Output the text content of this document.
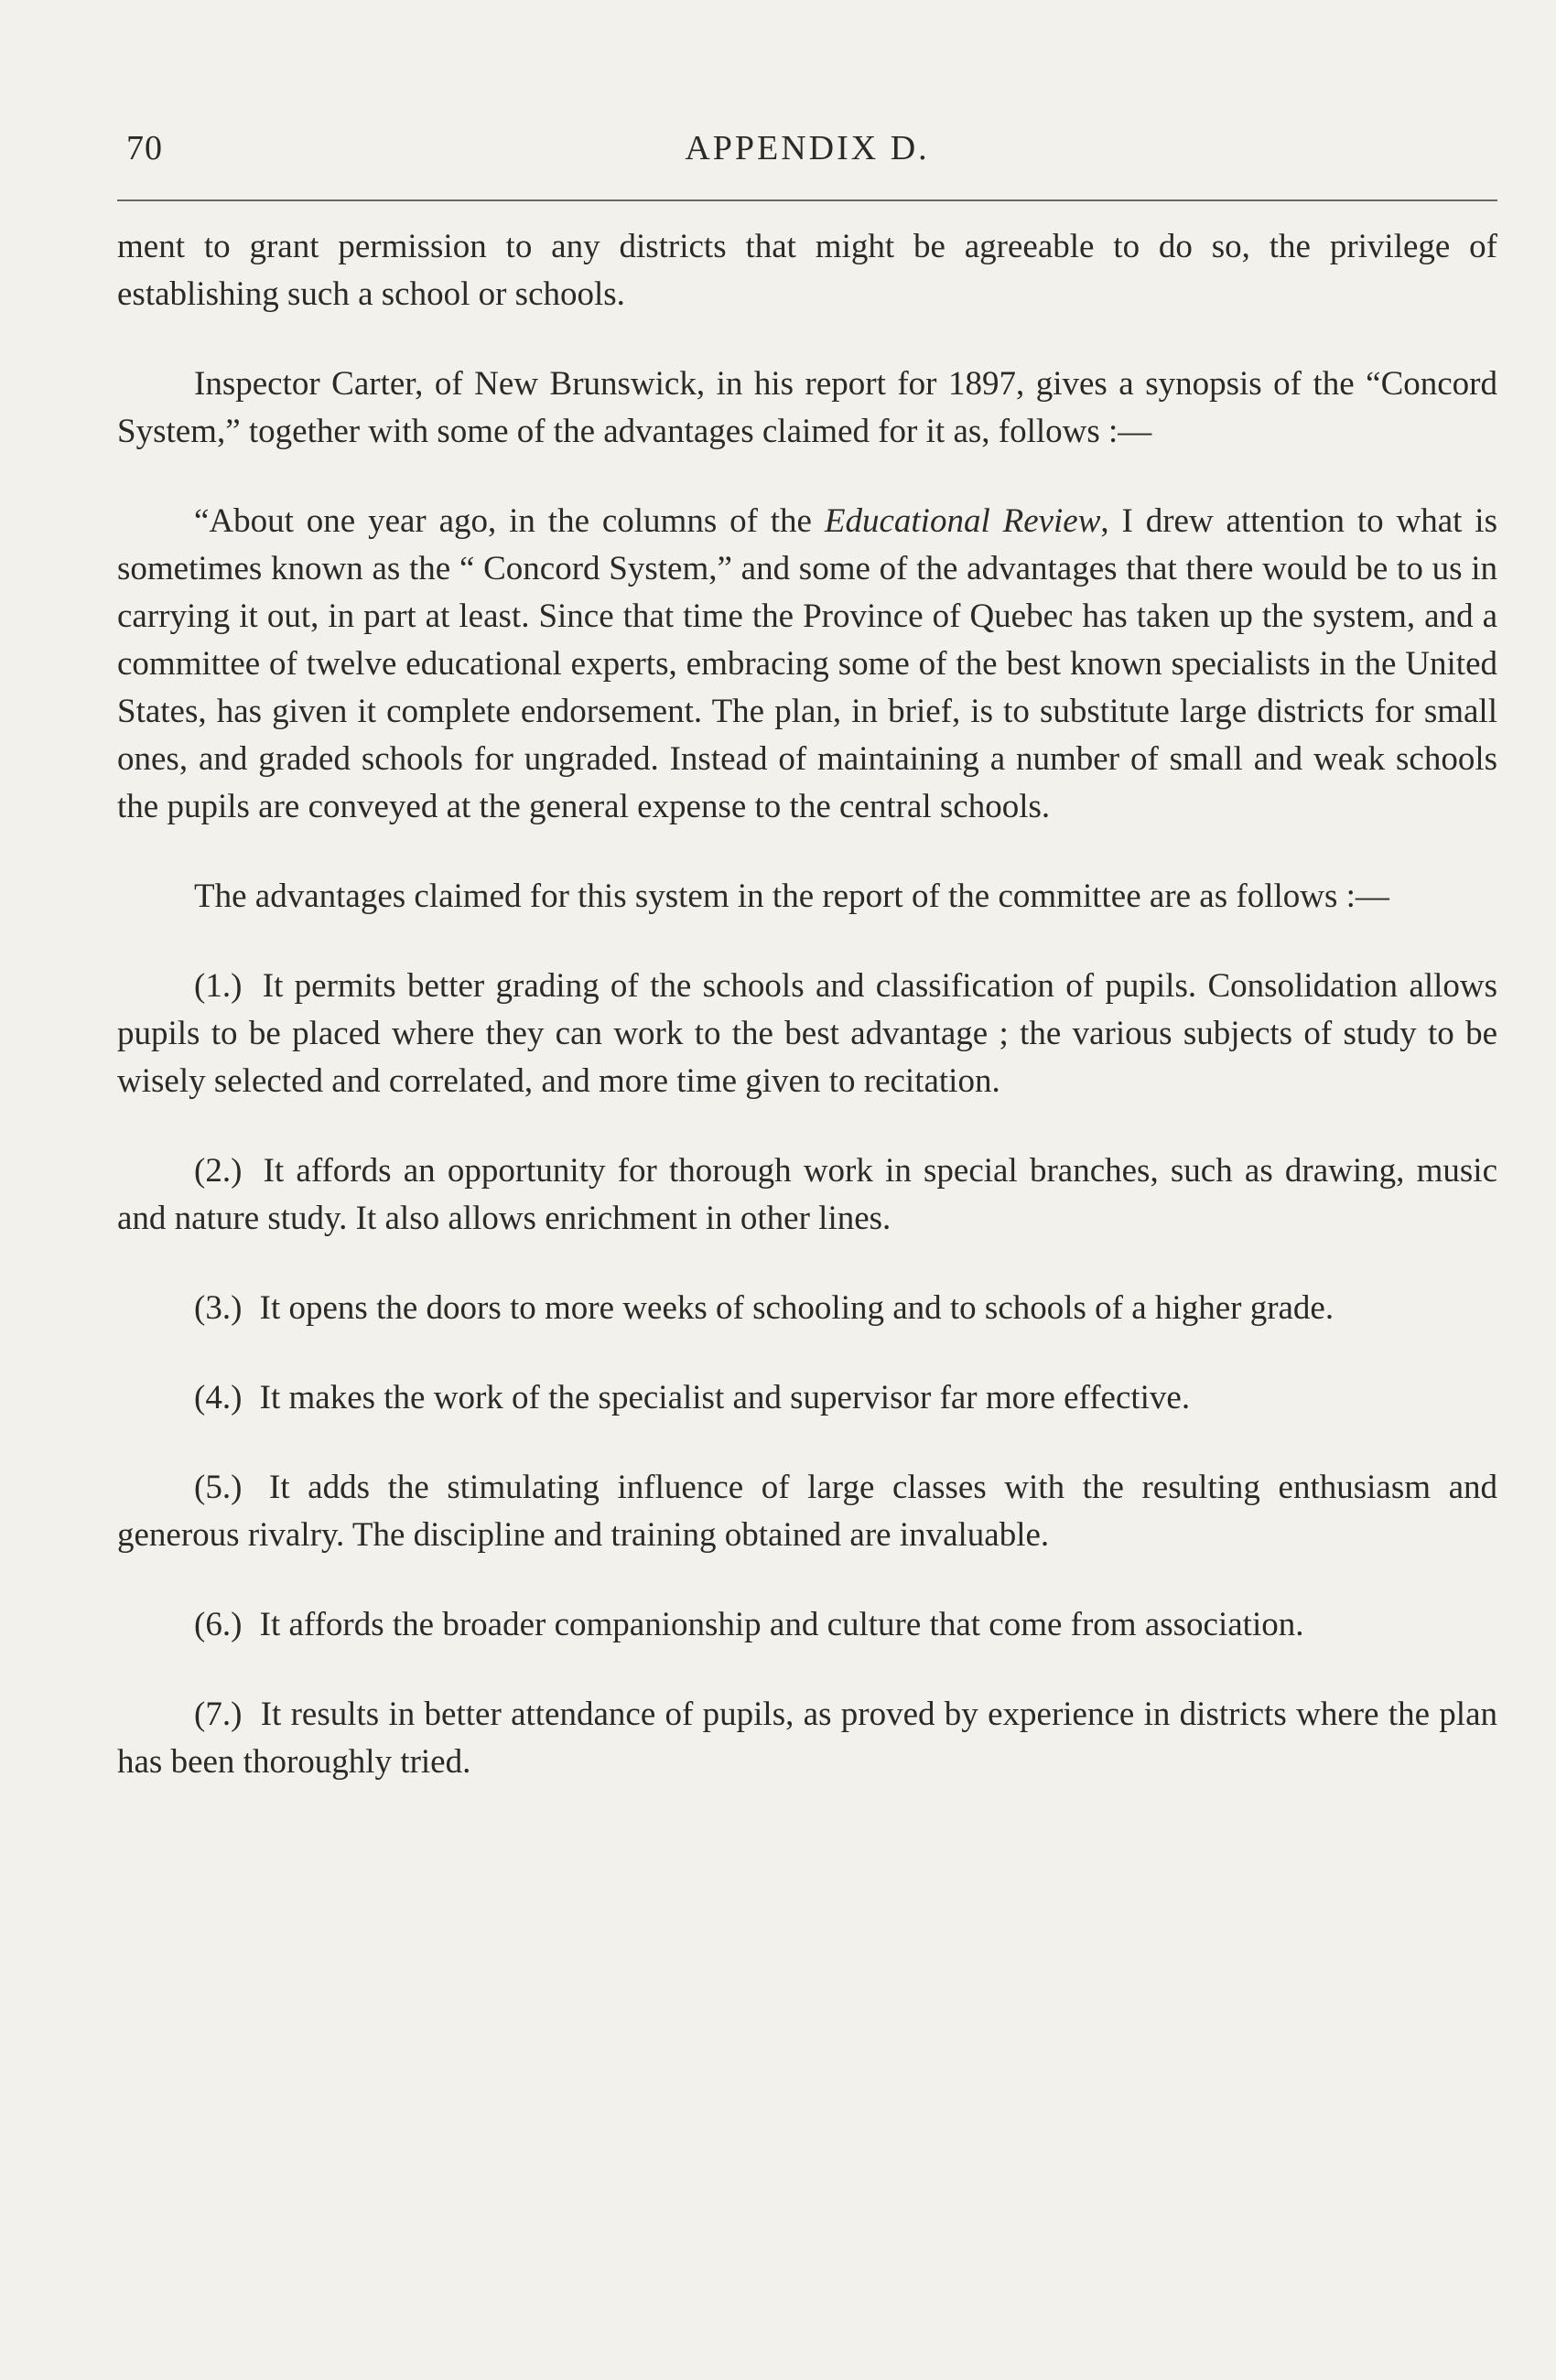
70	APPENDIX D.

ment to grant permission to any districts that might be agreeable to do so, the privilege of establishing such a school or schools.

Inspector Carter, of New Brunswick, in his report for 1897, gives a synopsis of the “Concord System,” together with some of the advantages claimed for it as, follows :—

“About one year ago, in the columns of the Educational Review, I drew attention to what is sometimes known as the “ Concord System,” and some of the advantages that there would be to us in carrying it out, in part at least. Since that time the Province of Quebec has taken up the system, and a committee of twelve educational experts, embracing some of the best known specialists in the United States, has given it complete endorsement. The plan, in brief, is to substitute large districts for small ones, and graded schools for ungraded. Instead of maintaining a number of small and weak schools the pupils are conveyed at the general expense to the central schools.

The advantages claimed for this system in the report of the committee are as follows :—

(1.) It permits better grading of the schools and classification of pupils. Consolidation allows pupils to be placed where they can work to the best advantage ; the various subjects of study to be wisely selected and correlated, and more time given to recitation.

(2.) It affords an opportunity for thorough work in special branches, such as drawing, music and nature study. It also allows enrichment in other lines.

(3.) It opens the doors to more weeks of schooling and to schools of a higher grade.

(4.) It makes the work of the specialist and supervisor far more effective.

(5.) It adds the stimulating influence of large classes with the resulting enthusiasm and generous rivalry. The discipline and training obtained are invaluable.

(6.) It affords the broader companionship and culture that come from association.

(7.) It results in better attendance of pupils, as proved by experience in districts where the plan has been thoroughly tried.
